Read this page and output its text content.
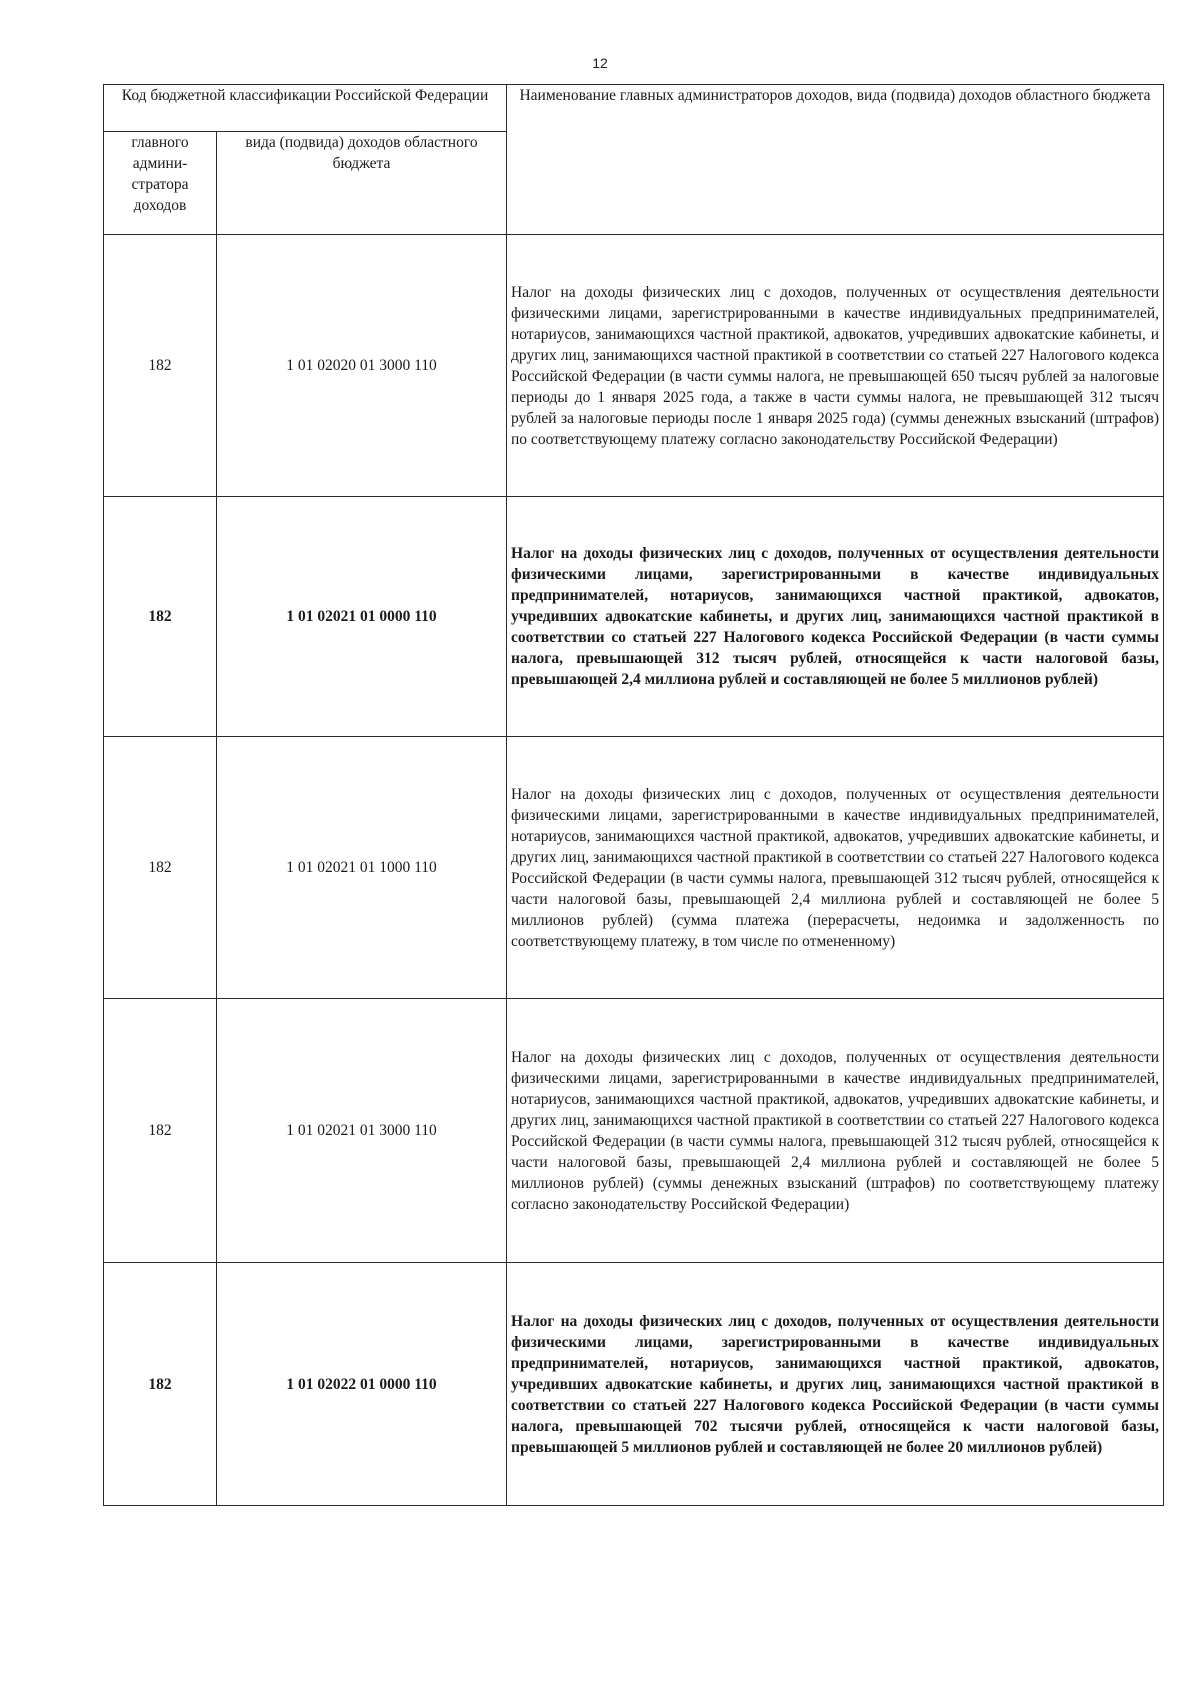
12
Код бюджетной классификации Российской Федерации		Наименование главных администраторов доходов, вида (подвида) доходов областного бюджета
главного админи-стратора доходов	вида (подвида) доходов областного бюджета	
182	1 01 02020 01 3000 110	Налог на доходы физических лиц с доходов, полученных от осуществления деятельности физическими лицами, зарегистрированными в качестве индивидуальных предпринимателей, нотариусов, занимающихся частной практикой, адвокатов, учредивших адвокатские кабинеты, и других лиц, занимающихся частной практикой в соответствии со статьей 227 Налогового кодекса Российской Федерации (в части суммы налога, не превышающей 650 тысяч рублей за налоговые периоды до 1 января 2025 года, а также в части суммы налога, не превышающей 312 тысяч рублей за налоговые периоды после 1 января 2025 года) (суммы денежных взысканий (штрафов) по соответствующему платежу согласно законодательству Российской Федерации)
182	1 01 02021 01 0000 110	Налог на доходы физических лиц с доходов, полученных от осуществления деятельности физическими лицами, зарегистрированными в качестве индивидуальных предпринимателей, нотариусов, занимающихся частной практикой, адвокатов, учредивших адвокатские кабинеты, и других лиц, занимающихся частной практикой в соответствии со статьей 227 Налогового кодекса Российской Федерации (в части суммы налога, превышающей 312 тысяч рублей, относящейся к части налоговой базы, превышающей 2,4 миллиона рублей и составляющей не более 5 миллионов рублей)
182	1 01 02021 01 1000 110	Налог на доходы физических лиц с доходов, полученных от осуществления деятельности физическими лицами, зарегистрированными в качестве индивидуальных предпринимателей, нотариусов, занимающихся частной практикой, адвокатов, учредивших адвокатские кабинеты, и других лиц, занимающихся частной практикой в соответствии со статьей 227 Налогового кодекса Российской Федерации (в части суммы налога, превышающей 312 тысяч рублей, относящейся к части налоговой базы, превышающей 2,4 миллиона рублей и составляющей не более 5 миллионов рублей) (сумма платежа (перерасчеты, недоимка и задолженность по соответствующему платежу, в том числе по отмененному)
182	1 01 02021 01 3000 110	Налог на доходы физических лиц с доходов, полученных от осуществления деятельности физическими лицами, зарегистрированными в качестве индивидуальных предпринимателей, нотариусов, занимающихся частной практикой, адвокатов, учредивших адвокатские кабинеты, и других лиц, занимающихся частной практикой в соответствии со статьей 227 Налогового кодекса Российской Федерации (в части суммы налога, превышающей 312 тысяч рублей, относящейся к части налоговой базы, превышающей 2,4 миллиона рублей и составляющей не более 5 миллионов рублей) (суммы денежных взысканий (штрафов) по соответствующему платежу согласно законодательству Российской Федерации)
182	1 01 02022 01 0000 110	Налог на доходы физических лиц с доходов, полученных от осуществления деятельности физическими лицами, зарегистрированными в качестве индивидуальных предпринимателей, нотариусов, занимающихся частной практикой, адвокатов, учредивших адвокатские кабинеты, и других лиц, занимающихся частной практикой в соответствии со статьей 227 Налогового кодекса Российской Федерации (в части суммы налога, превышающей 702 тысячи рублей, относящейся к части налоговой базы, превышающей 5 миллионов рублей и составляющей не более 20 миллионов рублей)
